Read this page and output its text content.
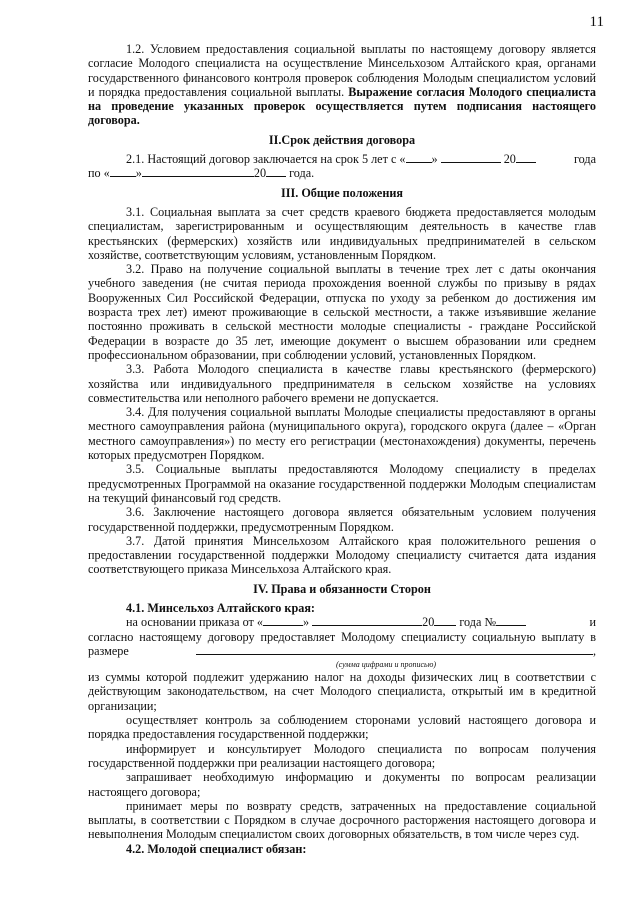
11

1.2. Условием предоставления социальной выплаты по настоящему договору является согласие Молодого специалиста на осуществление Минсельхозом Алтайского края, органами государственного финансового контроля проверок соблюдения Молодым специалистом условий и порядка предоставления социальной выплаты. Выражение согласия Молодого специалиста на проведение указанных проверок осуществляется путем подписания настоящего договора.

II.Срок действия договора
2.1. Настоящий договор заключается на срок 5 лет с « »

	20	года
по « »	20
года.
III. Общие положения

3.1. Социальная выплата за счет средств краевого бюджета предоставляется молодым специалистам, зарегистрированным и осуществляющим деятельность в качестве глав крестьянских (фермерских) хозяйств или индивидуальных предпринимателей в сельском хозяйстве, соответствующим условиям, установленным Порядком.

3.2. Право на получение социальной выплаты в течение трех лет с даты окончания учебного заведения (не считая периода прохождения военной службы по призыву в рядах Вооруженных Сил Российской Федерации, отпуска по уходу за ребенком до достижения им возраста трех лет) имеют проживающие в сельской местности, а также изъявившие желание постоянно проживать в сельской местности молодые специалисты - граждане Российской Федерации в возрасте до 35 лет, имеющие документ о высшем образовании или среднем профессиональном образовании, при соблюдении условий, установленных Порядком.

3.3. Работа Молодого специалиста в качестве главы крестьянского (фермерского) хозяйства или индивидуального предпринимателя в сельском хозяйстве на условиях совместительства или неполного рабочего времени не допускается.

3.4. Для получения социальной выплаты Молодые специалисты предоставляют в органы местного самоуправления района (муниципального округа), городского округа (далее – «Орган местного самоуправления») по месту его регистрации (местонахождения) документы, перечень которых предусмотрен Порядком.

3.5. Социальные выплаты предоставляются Молодому специалисту в пределах предусмотренных Программой на оказание государственной поддержки Молодым специалистам на текущий финансовый год средств.

3.6. Заключение настоящего договора является обязательным условием получения государственной поддержки, предусмотренным Порядком.

3.7. Датой принятия Минсельхозом Алтайского края положительного решения о предоставлении государственной поддержки Молодому специалисту считается дата издания соответствующего приказа Минсельхоза Алтайского края.

IV. Права и обязанности Сторон

4.1. Минсельхоз Алтайского края:

на основании приказа от «	»
	20
года №	и

согласно настоящему договору предоставляет Молодому специалисту социальную выплату в размере	,
(сумма цифрами и прописью)

из суммы которой подлежит удержанию налог на доходы физических лиц в соответствии с действующим законодательством, на счет Молодого специалиста, открытый им в кредитной организации;

осуществляет контроль за соблюдением сторонами условий настоящего договора и порядка предоставления государственной поддержки;

информирует и консультирует Молодого специалиста по вопросам получения государственной поддержки при реализации настоящего договора;

запрашивает необходимую информацию и документы по вопросам реализации настоящего договора;

принимает меры по возврату средств, затраченных на предоставление социальной выплаты, в соответствии с Порядком в случае досрочного расторжения настоящего договора и невыполнения Молодым специалистом своих договорных обязательств, в том числе через суд.

4.2. Молодой специалист обязан:
